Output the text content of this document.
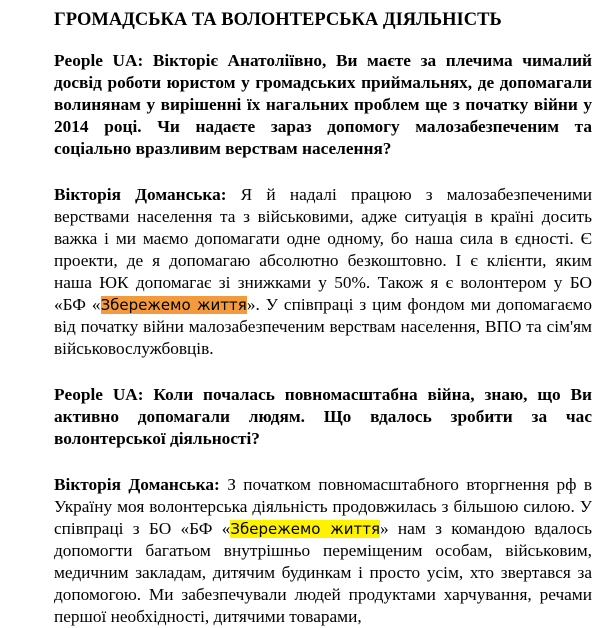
ГРОМАДСЬКА ТА ВОЛОНТЕРСЬКА ДІЯЛЬНІСТЬ

People UA: Вікторіє Анатоліївно, Ви маєте за плечима чималий досвід роботи юристом у громадських приймальнях, де допомагали волинянам у вирішенні їх нагальних проблем ще з початку війни у 2014 році. Чи надаєте зараз допомогу малозабезпеченим та соціально вразливим верствам населення?

Вікторія Доманська: Я й надалі працюю з малозабезпеченими верствами населення та з військовими, адже ситуація в країні досить важка і ми маємо допомагати одне одному, бо наша сила в єдності. Є проекти, де я допомагаю абсолютно безкоштовно. І є клієнти, яким наша ЮК допомагає зі знижками у 50%. Також я є волонтером у БО «БФ «Збережемо життя». У співпраці з цим фондом ми допомагаємо від початку війни малозабезпеченим верствам населення, ВПО та сім'ям військовослужбовців.

People UA: Коли почалась повномасштабна війна, знаю, що Ви активно допомагали людям. Що вдалось зробити за час волонтерської діяльності?

Вікторія Доманська: З початком повномасштабного вторгнення рф в Україну моя волонтерська діяльність продовжилась з більшою силою. У співпраці з БО «БФ «Збережемо життя» нам з командою вдалось допомогти багатьом внутрішньо переміщеним особам, військовим, медичним закладам, дитячим будинкам і просто усім, хто звертався за допомогою. Ми забезпечували людей продуктами харчування, речами першої необхідності, дитячими товарами,
